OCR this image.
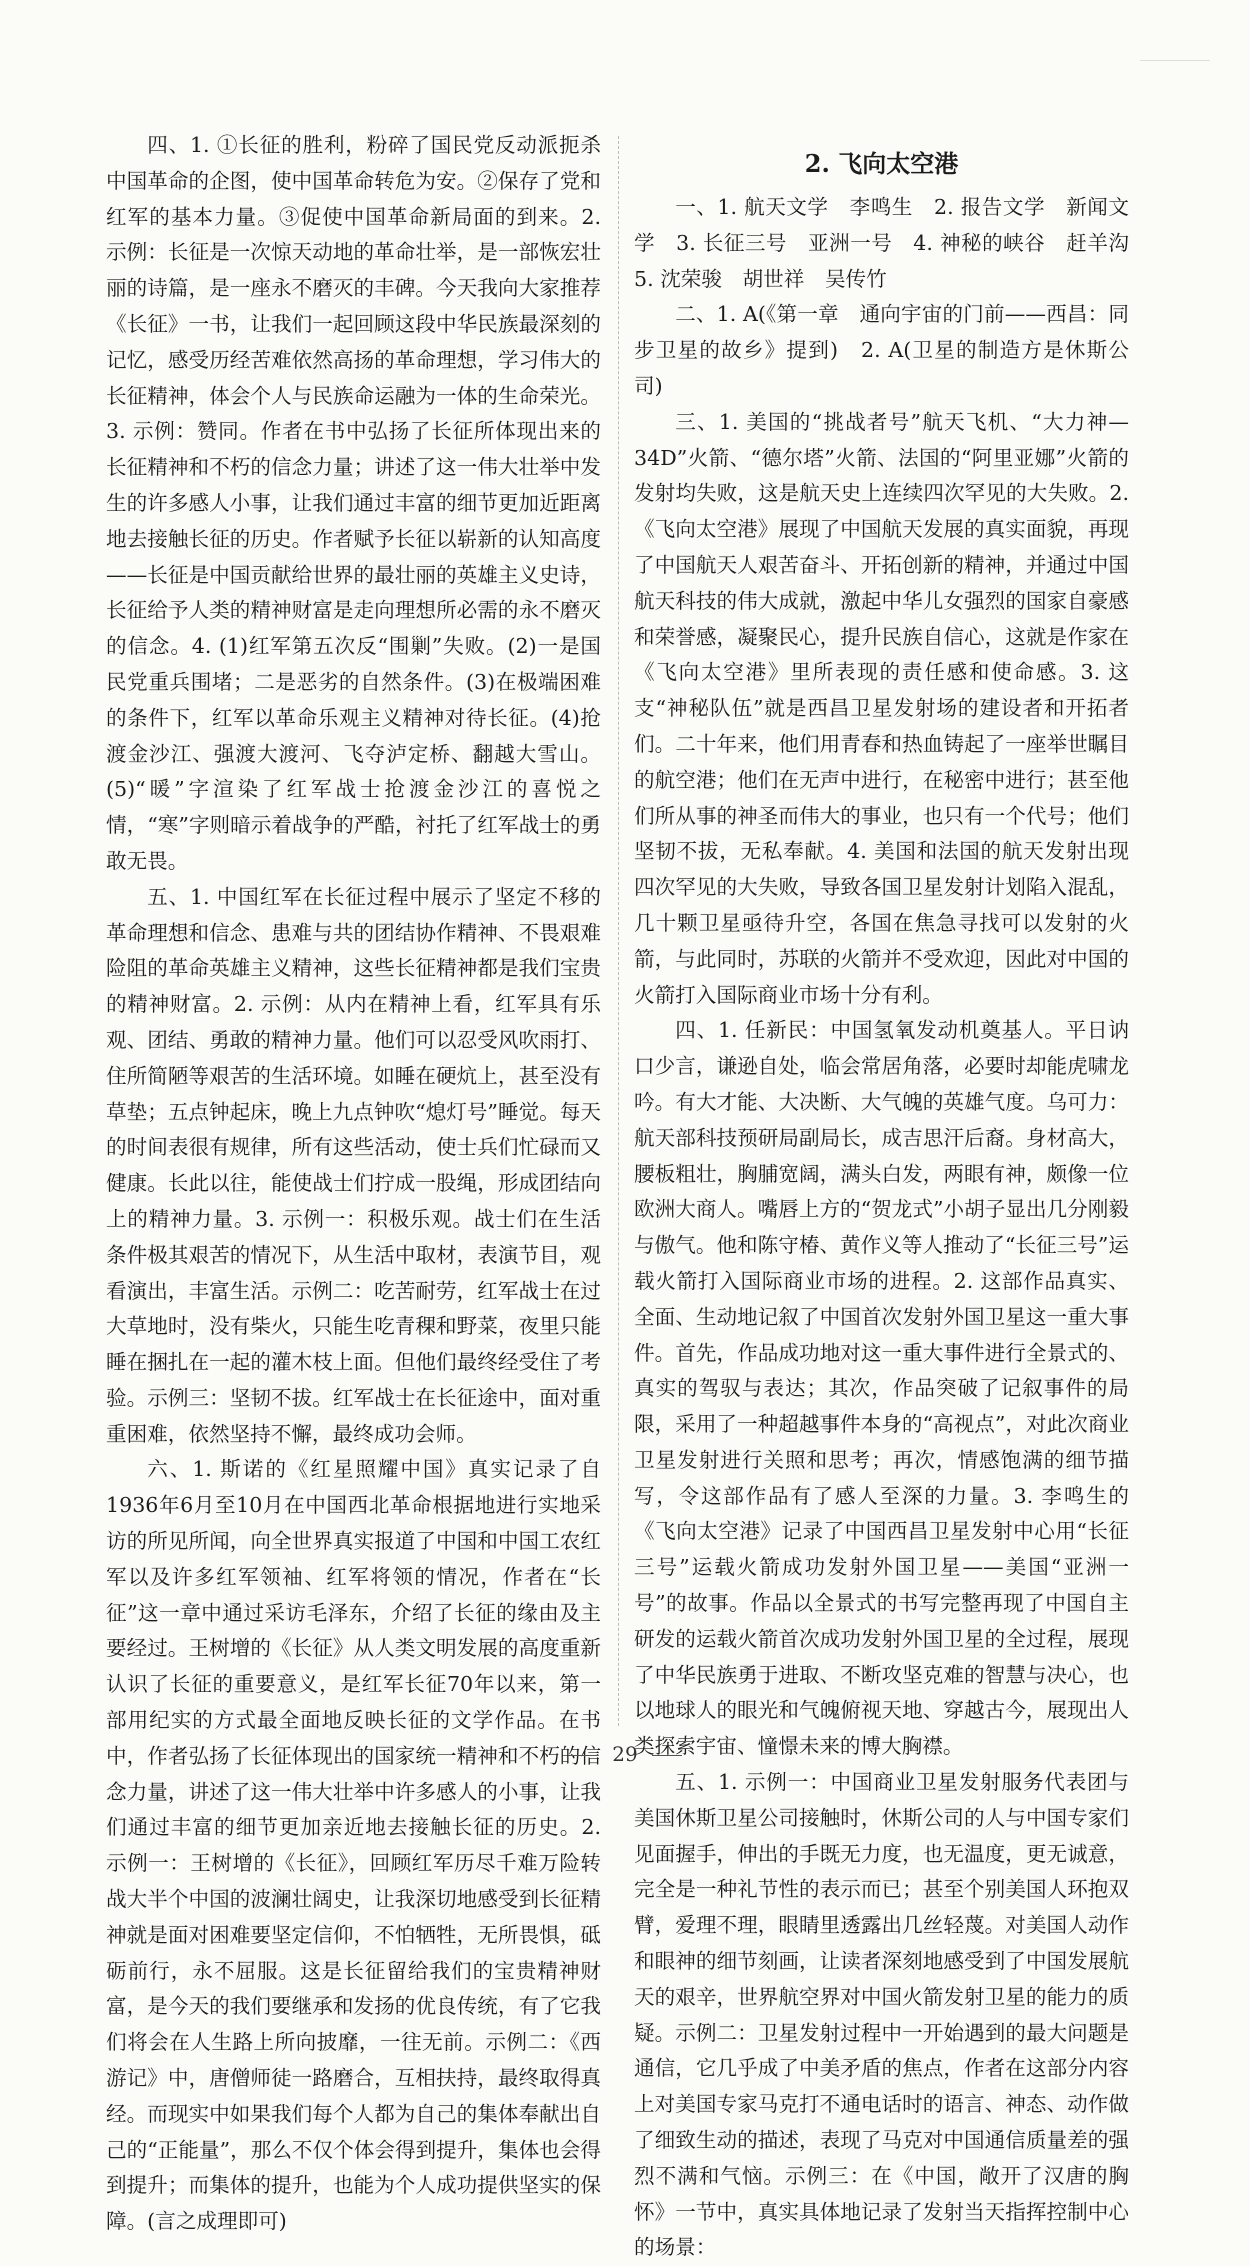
四、1. ①长征的胜利，粉碎了国民党反动派扼杀中国革命的企图，使中国革命转危为安。②保存了党和红军的基本力量。③促使中国革命新局面的到来。2. 示例：长征是一次惊天动地的革命壮举，是一部恢宏壮丽的诗篇，是一座永不磨灭的丰碑。今天我向大家推荐《长征》一书，让我们一起回顾这段中华民族最深刻的记忆，感受历经苦难依然高扬的革命理想，学习伟大的长征精神，体会个人与民族命运融为一体的生命荣光。3. 示例：赞同。作者在书中弘扬了长征所体现出来的长征精神和不朽的信念力量；讲述了这一伟大壮举中发生的许多感人小事，让我们通过丰富的细节更加近距离地去接触长征的历史。作者赋予长征以崭新的认知高度——长征是中国贡献给世界的最壮丽的英雄主义史诗，长征给予人类的精神财富是走向理想所必需的永不磨灭的信念。4. (1)红军第五次反“围剿”失败。(2)一是国民党重兵围堵；二是恶劣的自然条件。(3)在极端困难的条件下，红军以革命乐观主义精神对待长征。(4)抢渡金沙江、强渡大渡河、飞夺泸定桥、翻越大雪山。(5)“暖”字渲染了红军战士抢渡金沙江的喜悦之情，“寒”字则暗示着战争的严酷，衬托了红军战士的勇敢无畏。

五、1. 中国红军在长征过程中展示了坚定不移的革命理想和信念、患难与共的团结协作精神、不畏艰难险阻的革命英雄主义精神，这些长征精神都是我们宝贵的精神财富。2. 示例：从内在精神上看，红军具有乐观、团结、勇敢的精神力量。他们可以忍受风吹雨打、住所简陋等艰苦的生活环境。如睡在硬炕上，甚至没有草垫；五点钟起床，晚上九点钟吹“熄灯号”睡觉。每天的时间表很有规律，所有这些活动，使士兵们忙碌而又健康。长此以往，能使战士们拧成一股绳，形成团结向上的精神力量。3. 示例一：积极乐观。战士们在生活条件极其艰苦的情况下，从生活中取材，表演节目，观看演出，丰富生活。示例二：吃苦耐劳，红军战士在过大草地时，没有柴火，只能生吃青稞和野菜，夜里只能睡在捆扎在一起的灌木枝上面。但他们最终经受住了考验。示例三：坚韧不拔。红军战士在长征途中，面对重重困难，依然坚持不懈，最终成功会师。

六、1. 斯诺的《红星照耀中国》真实记录了自1936年6月至10月在中国西北革命根据地进行实地采访的所见所闻，向全世界真实报道了中国和中国工农红军以及许多红军领袖、红军将领的情况，作者在“长征”这一章中通过采访毛泽东，介绍了长征的缘由及主要经过。王树增的《长征》从人类文明发展的高度重新认识了长征的重要意义，是红军长征70年以来，第一部用纪实的方式最全面地反映长征的文学作品。在书中，作者弘扬了长征体现出的国家统一精神和不朽的信念力量，讲述了这一伟大壮举中许多感人的小事，让我们通过丰富的细节更加亲近地去接触长征的历史。2. 示例一：王树增的《长征》，回顾红军历尽千难万险转战大半个中国的波澜壮阔史，让我深切地感受到长征精神就是面对困难要坚定信仰，不怕牺牲，无所畏惧，砥砺前行，永不屈服。这是长征留给我们的宝贵精神财富，是今天的我们要继承和发扬的优良传统，有了它我们将会在人生路上所向披靡，一往无前。示例二：《西游记》中，唐僧师徒一路磨合，互相扶持，最终取得真经。而现实中如果我们每个人都为自己的集体奉献出自己的“正能量”，那么不仅个体会得到提升，集体也会得到提升；而集体的提升，也能为个人成功提供坚实的保障。(言之成理即可)

2. 飞向太空港

一、1. 航天文学　李鸣生　2. 报告文学　新闻文学　3. 长征三号　亚洲一号　4. 神秘的峡谷　赶羊沟　5. 沈荣骏　胡世祥　吴传竹

二、1. A(《第一章　通向宇宙的门前——西昌：同步卫星的故乡》提到)　2. A(卫星的制造方是休斯公司)

三、1. 美国的“挑战者号”航天飞机、“大力神—34D”火箭、“德尔塔”火箭、法国的“阿里亚娜”火箭的发射均失败，这是航天史上连续四次罕见的大失败。2.《飞向太空港》展现了中国航天发展的真实面貌，再现了中国航天人艰苦奋斗、开拓创新的精神，并通过中国航天科技的伟大成就，激起中华儿女强烈的国家自豪感和荣誉感，凝聚民心，提升民族自信心，这就是作家在《飞向太空港》里所表现的责任感和使命感。3. 这支“神秘队伍”就是西昌卫星发射场的建设者和开拓者们。二十年来，他们用青春和热血铸起了一座举世瞩目的航空港；他们在无声中进行，在秘密中进行；甚至他们所从事的神圣而伟大的事业，也只有一个代号；他们坚韧不拔，无私奉献。4. 美国和法国的航天发射出现四次罕见的大失败，导致各国卫星发射计划陷入混乱，几十颗卫星亟待升空，各国在焦急寻找可以发射的火箭，与此同时，苏联的火箭并不受欢迎，因此对中国的火箭打入国际商业市场十分有利。

四、1. 任新民：中国氢氧发动机奠基人。平日讷口少言，谦逊自处，临会常居角落，必要时却能虎啸龙吟。有大才能、大决断、大气魄的英雄气度。乌可力：航天部科技预研局副局长，成吉思汗后裔。身材高大，腰板粗壮，胸脯宽阔，满头白发，两眼有神，颇像一位欧洲大商人。嘴唇上方的“贺龙式”小胡子显出几分刚毅与傲气。他和陈守椿、黄作义等人推动了“长征三号”运载火箭打入国际商业市场的进程。2. 这部作品真实、全面、生动地记叙了中国首次发射外国卫星这一重大事件。首先，作品成功地对这一重大事件进行全景式的、真实的驾驭与表达；其次，作品突破了记叙事件的局限，采用了一种超越事件本身的“高视点”，对此次商业卫星发射进行关照和思考；再次，情感饱满的细节描写，令这部作品有了感人至深的力量。3. 李鸣生的《飞向太空港》记录了中国西昌卫星发射中心用“长征三号”运载火箭成功发射外国卫星——美国“亚洲一号”的故事。作品以全景式的书写完整再现了中国自主研发的运载火箭首次成功发射外国卫星的全过程，展现了中华民族勇于进取、不断攻坚克难的智慧与决心，也以地球人的眼光和气魄俯视天地、穿越古今，展现出人类探索宇宙、憧憬未来的博大胸襟。

五、1. 示例一：中国商业卫星发射服务代表团与美国休斯卫星公司接触时，休斯公司的人与中国专家们见面握手，伸出的手既无力度，也无温度，更无诚意，完全是一种礼节性的表示而已；甚至个别美国人环抱双臂，爱理不理，眼睛里透露出几丝轻蔑。对美国人动作和眼神的细节刻画，让读者深刻地感受到了中国发展航天的艰辛，世界航空界对中国火箭发射卫星的能力的质疑。示例二：卫星发射过程中一开始遇到的最大问题是通信，它几乎成了中美矛盾的焦点，作者在这部分内容上对美国专家马克打不通电话时的语言、神态、动作做了细致生动的描述，表现了马克对中国通信质量差的强烈不满和气恼。示例三：在《中国，敞开了汉唐的胸怀》一节中，真实具体地记录了发射当天指挥控制中心的场景：

29
